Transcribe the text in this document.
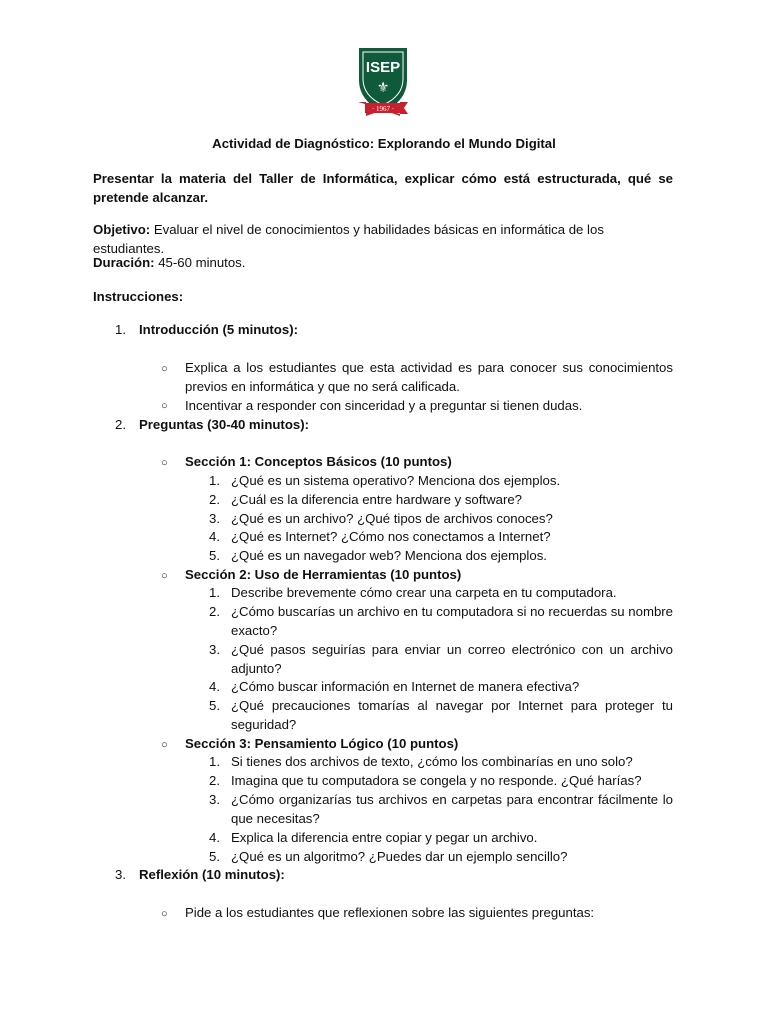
ISEP
⚜
· 1967 ·
Actividad de Diagnóstico: Explorando el Mundo Digital
Presentar la materia del Taller de Informática, explicar cómo está estructurada, qué se pretende alcanzar.
Objetivo: Evaluar el nivel de conocimientos y habilidades básicas en informática de los estudiantes.
Duración: 45-60 minutos.
Instrucciones:
1. Introducción (5 minutos):
○ Explica a los estudiantes que esta actividad es para conocer sus conocimientos previos en informática y que no será calificada.
○ Incentivar a responder con sinceridad y a preguntar si tienen dudas.
2. Preguntas (30-40 minutos):
○ Sección 1: Conceptos Básicos (10 puntos)
1. ¿Qué es un sistema operativo? Menciona dos ejemplos.
2. ¿Cuál es la diferencia entre hardware y software?
3. ¿Qué es un archivo? ¿Qué tipos de archivos conoces?
4. ¿Qué es Internet? ¿Cómo nos conectamos a Internet?
5. ¿Qué es un navegador web? Menciona dos ejemplos.
○ Sección 2: Uso de Herramientas (10 puntos)
1. Describe brevemente cómo crear una carpeta en tu computadora.
2. ¿Cómo buscarías un archivo en tu computadora si no recuerdas su nombre exacto?
3. ¿Qué pasos seguirías para enviar un correo electrónico con un archivo adjunto?
4. ¿Cómo buscar información en Internet de manera efectiva?
5. ¿Qué precauciones tomarías al navegar por Internet para proteger tu seguridad?
○ Sección 3: Pensamiento Lógico (10 puntos)
1. Si tienes dos archivos de texto, ¿cómo los combinarías en uno solo?
2. Imagina que tu computadora se congela y no responde. ¿Qué harías?
3. ¿Cómo organizarías tus archivos en carpetas para encontrar fácilmente lo que necesitas?
4. Explica la diferencia entre copiar y pegar un archivo.
5. ¿Qué es un algoritmo? ¿Puedes dar un ejemplo sencillo?
3. Reflexión (10 minutos):
○ Pide a los estudiantes que reflexionen sobre las siguientes preguntas:
